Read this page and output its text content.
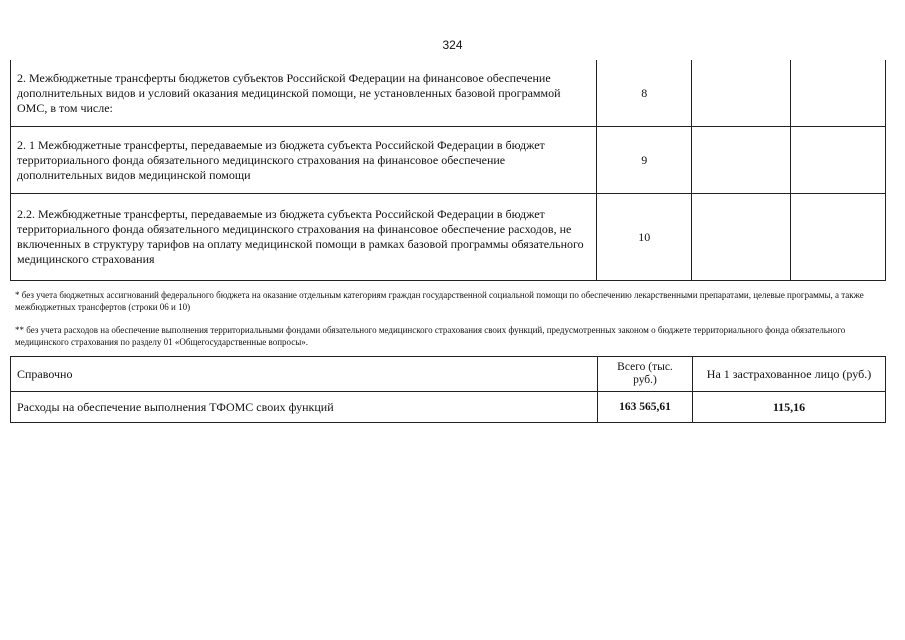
324
2. Межбюджетные трансферты бюджетов субъектов Российской Федерации на финансовое обеспечение дополнительных видов и условий оказания медицинской помощи, не установленных базовой программой ОМС, в том числе:	8		
2. 1 Межбюджетные трансферты, передаваемые из бюджета субъекта Российской Федерации в бюджет территориального фонда обязательного медицинского страхования на финансовое обеспечение дополнительных видов медицинской помощи	9		
2.2. Межбюджетные трансферты, передаваемые из бюджета субъекта Российской Федерации в бюджет территориального фонда обязательного медицинского страхования на финансовое обеспечение расходов, не включенных в структуру тарифов на оплату медицинской помощи в рамках базовой программы обязательного медицинского страхования	10		
* без учета бюджетных ассигнований федерального бюджета на оказание отдельным категориям граждан государственной социальной помощи по обеспечению лекарственными препаратами, целевые программы, а также межбюджетных трансфертов (строки 06 и 10)
** без учета расходов на обеспечение выполнения территориальными фондами обязательного медицинского страхования своих функций, предусмотренных законом о бюджете территориального фонда обязательного медицинского страхования по разделу 01 «Общегосударственные вопросы».
Справочно	Всего (тыс. руб.)	На 1 застрахованное лицо (руб.)
Расходы на обеспечение выполнения ТФОМС своих функций	163 565,61	115,16
